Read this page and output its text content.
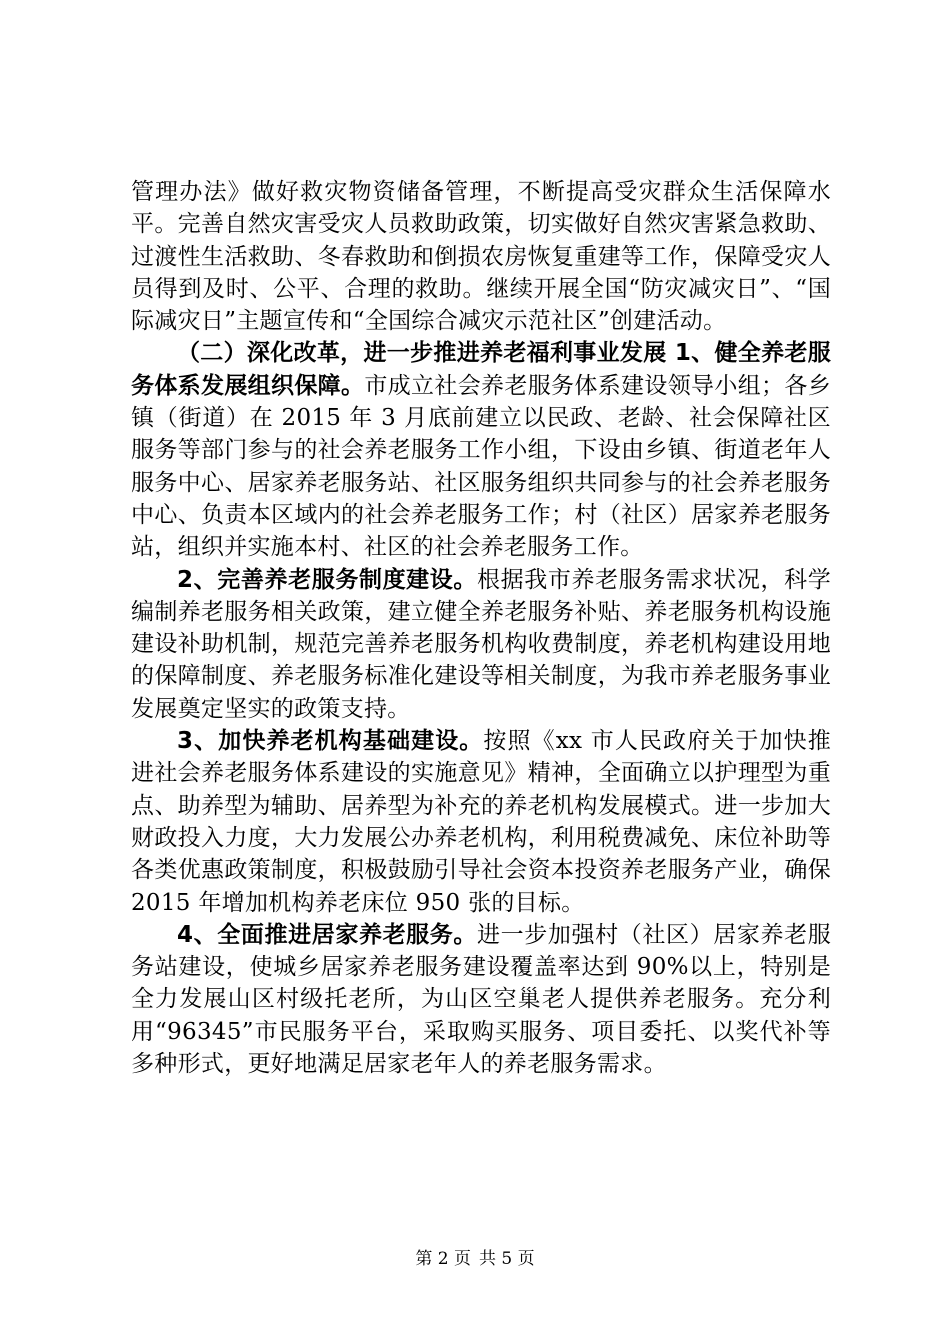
管理办法》做好救灾物资储备管理，不断提高受灾群众生活保障水平。完善自然灾害受灾人员救助政策，切实做好自然灾害紧急救助、过渡性生活救助、冬春救助和倒损农房恢复重建等工作，保障受灾人员得到及时、公平、合理的救助。继续开展全国“防灾减灾日”、“国际减灾日”主题宣传和“全国综合减灾示范社区”创建活动。

（二）深化改革，进一步推进养老福利事业发展 1、健全养老服务体系发展组织保障。市成立社会养老服务体系建设领导小组；各乡镇（街道）在 2015 年 3 月底前建立以民政、老龄、社会保障社区服务等部门参与的社会养老服务工作小组，下设由乡镇、街道老年人服务中心、居家养老服务站、社区服务组织共同参与的社会养老服务中心、负责本区域内的社会养老服务工作；村（社区）居家养老服务站，组织并实施本村、社区的社会养老服务工作。

2、完善养老服务制度建设。根据我市养老服务需求状况，科学编制养老服务相关政策，建立健全养老服务补贴、养老服务机构设施建设补助机制，规范完善养老服务机构收费制度，养老机构建设用地的保障制度、养老服务标准化建设等相关制度，为我市养老服务事业发展奠定坚实的政策支持。

3、加快养老机构基础建设。按照《xx 市人民政府关于加快推进社会养老服务体系建设的实施意见》精神，全面确立以护理型为重点、助养型为辅助、居养型为补充的养老机构发展模式。进一步加大财政投入力度，大力发展公办养老机构，利用税费减免、床位补助等各类优惠政策制度，积极鼓励引导社会资本投资养老服务产业，确保 2015 年增加机构养老床位 950 张的目标。

4、全面推进居家养老服务。进一步加强村（社区）居家养老服务站建设，使城乡居家养老服务建设覆盖率达到 90%以上，特别是全力发展山区村级托老所，为山区空巢老人提供养老服务。充分利用“96345”市民服务平台，采取购买服务、项目委托、以奖代补等多种形式，更好地满足居家老年人的养老服务需求。

第 2 页 共 5 页
